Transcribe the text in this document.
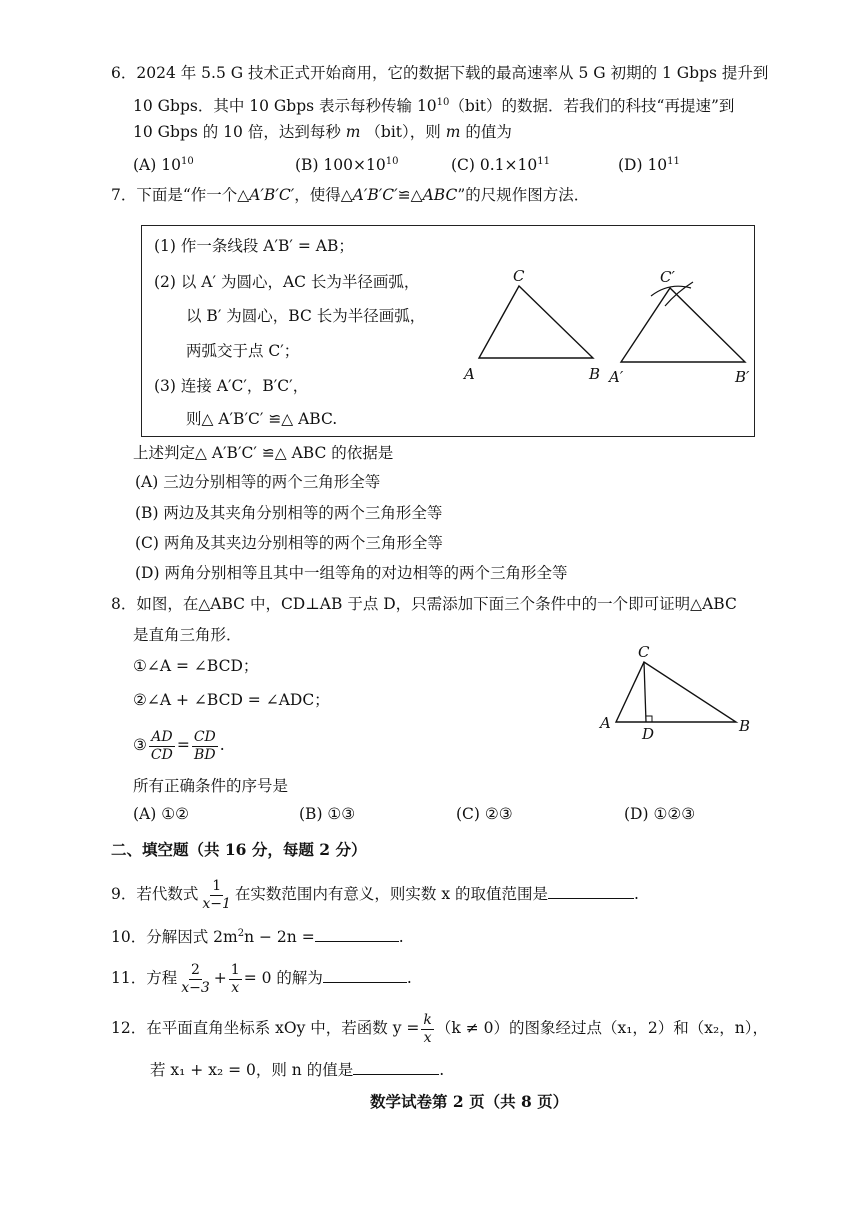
6．2024 年 5.5 G 技术正式开始商用，它的数据下载的最高速率从 5 G 初期的 1 Gbps 提升到
10 Gbps．其中 10 Gbps 表示每秒传输 $10^{10}(bit)$的数据．若我们的科技“再提速”到
10 Gbps 的 10 倍，达到每秒 m （bit），则 m 的值为
(A) $10^{10}$	(B) $100\times 10^{10}$	(C) $0.1\times 10^{11}$	(D) $10^{11}$
7．下面是“作一个△A′B′C′，使得△A′B′C′≌△ABC”的尺规作图方法．
(1) 作一条线段 A′B′ = AB；
(2) 以 A′ 为圆心，AC 长为半径画弧，
以 B′ 为圆心，BC 长为半径画弧，
两弧交于点 C′；
(3) 连接 A′C′，B′C′，
则△ A′B′C′ ≌△ ABC.
A	B
C
A′	B′
C′
上述判定△ A′B′C′ ≌△ ABC 的依据是
(A) 三边分别相等的两个三角形全等
(B) 两边及其夹角分别相等的两个三角形全等
(C) 两角及其夹边分别相等的两个三角形全等
(D) 两角分别相等且其中一组等角的对边相等的两个三角形全等
8．如图，在△ABC 中，CD⊥AB 于点 D，只需添加下面三个条件中的一个即可证明△ABC
是直角三角形．
①∠A = ∠BCD；
②∠A + ∠BCD = ∠ADC；
③ $\frac{AD}{CD} = \frac{CD}{BD}$ .
所有正确条件的序号是
C
A	B
D
(A) ①②	(B) ①③	(C) ②③	(D) ①②③
二、填空题（共 16 分，每题 2 分）
9．若代数式 $\frac{1}{x-1}$ 在实数范围内有意义，则实数 x 的取值范围是	.
10．分解因式 $2m^2n - 2n$ =	.
11．方程 $\frac{2}{x-3} + \frac{1}{x} = 0$ 的解为	.
12．在平面直角坐标系 xOy 中，若函数 $y = \frac{k}{x} (k \ne 0)$的图象经过点（x₁，2）和（x₂，n），
若 x₁ + x₂ = 0，则 n 的值是	.
数学试卷第 2 页（共 8 页）
